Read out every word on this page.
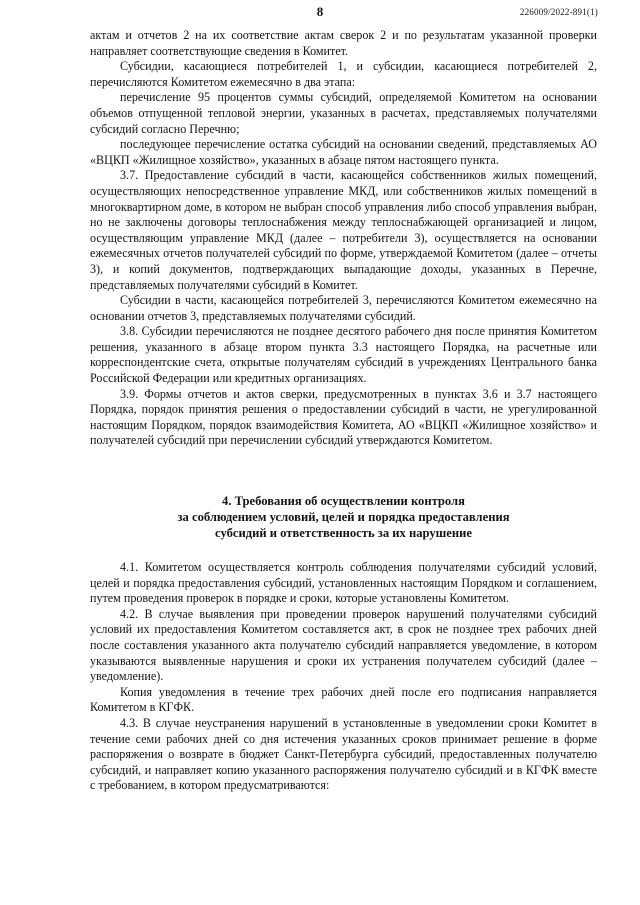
8	226009/2022-891(1)

актам и отчетов 2 на их соответствие актам сверок 2 и по результатам указанной проверки направляет соответствующие сведения в Комитет.

Субсидии, касающиеся потребителей 1, и субсидии, касающиеся потребителей 2, перечисляются Комитетом ежемесячно в два этапа:

перечисление 95 процентов суммы субсидий, определяемой Комитетом на основании объемов отпущенной тепловой энергии, указанных в расчетах, представляемых получателями субсидий согласно Перечню;

последующее перечисление остатка субсидий на основании сведений, представляемых АО «ВЦКП «Жилищное хозяйство», указанных в абзаце пятом настоящего пункта.

3.7. Предоставление субсидий в части, касающейся собственников жилых помещений, осуществляющих непосредственное управление МКД, или собственников жилых помещений в многоквартирном доме, в котором не выбран способ управления либо способ управления выбран, но не заключены договоры теплоснабжения между теплоснабжающей организацией и лицом, осуществляющим управление МКД (далее – потребители 3), осуществляется на основании ежемесячных отчетов получателей субсидий по форме, утверждаемой Комитетом (далее – отчеты 3), и копий документов, подтверждающих выпадающие доходы, указанных в Перечне, представляемых получателями субсидий в Комитет.

Субсидии в части, касающейся потребителей 3, перечисляются Комитетом ежемесячно на основании отчетов 3, представляемых получателями субсидий.

3.8. Субсидии перечисляются не позднее десятого рабочего дня после принятия Комитетом решения, указанного в абзаце втором пункта 3.3 настоящего Порядка, на расчетные или корреспондентские счета, открытые получателям субсидий в учреждениях Центрального банка Российской Федерации или кредитных организациях.

3.9. Формы отчетов и актов сверки, предусмотренных в пунктах 3.6 и 3.7 настоящего Порядка, порядок принятия решения о предоставлении субсидий в части, не урегулированной настоящим Порядком, порядок взаимодействия Комитета, АО «ВЦКП «Жилищное хозяйство» и получателей субсидий при перечислении субсидий утверждаются Комитетом.

4. Требования об осуществлении контроля
за соблюдением условий, целей и порядка предоставления
субсидий и ответственность за их нарушение

4.1. Комитетом осуществляется контроль соблюдения получателями субсидий условий, целей и порядка предоставления субсидий, установленных настоящим Порядком и соглашением, путем проведения проверок в порядке и сроки, которые установлены Комитетом.

4.2. В случае выявления при проведении проверок нарушений получателями субсидий условий их предоставления Комитетом составляется акт, в срок не позднее трех рабочих дней после составления указанного акта получателю субсидий направляется уведомление, в котором указываются выявленные нарушения и сроки их устранения получателем субсидий (далее – уведомление).

Копия уведомления в течение трех рабочих дней после его подписания направляется Комитетом в КГФК.

4.3. В случае неустранения нарушений в установленные в уведомлении сроки Комитет в течение семи рабочих дней со дня истечения указанных сроков принимает решение в форме распоряжения о возврате в бюджет Санкт-Петербурга субсидий, предоставленных получателю субсидий, и направляет копию указанного распоряжения получателю субсидий и в КГФК вместе с требованием, в котором предусматриваются:
